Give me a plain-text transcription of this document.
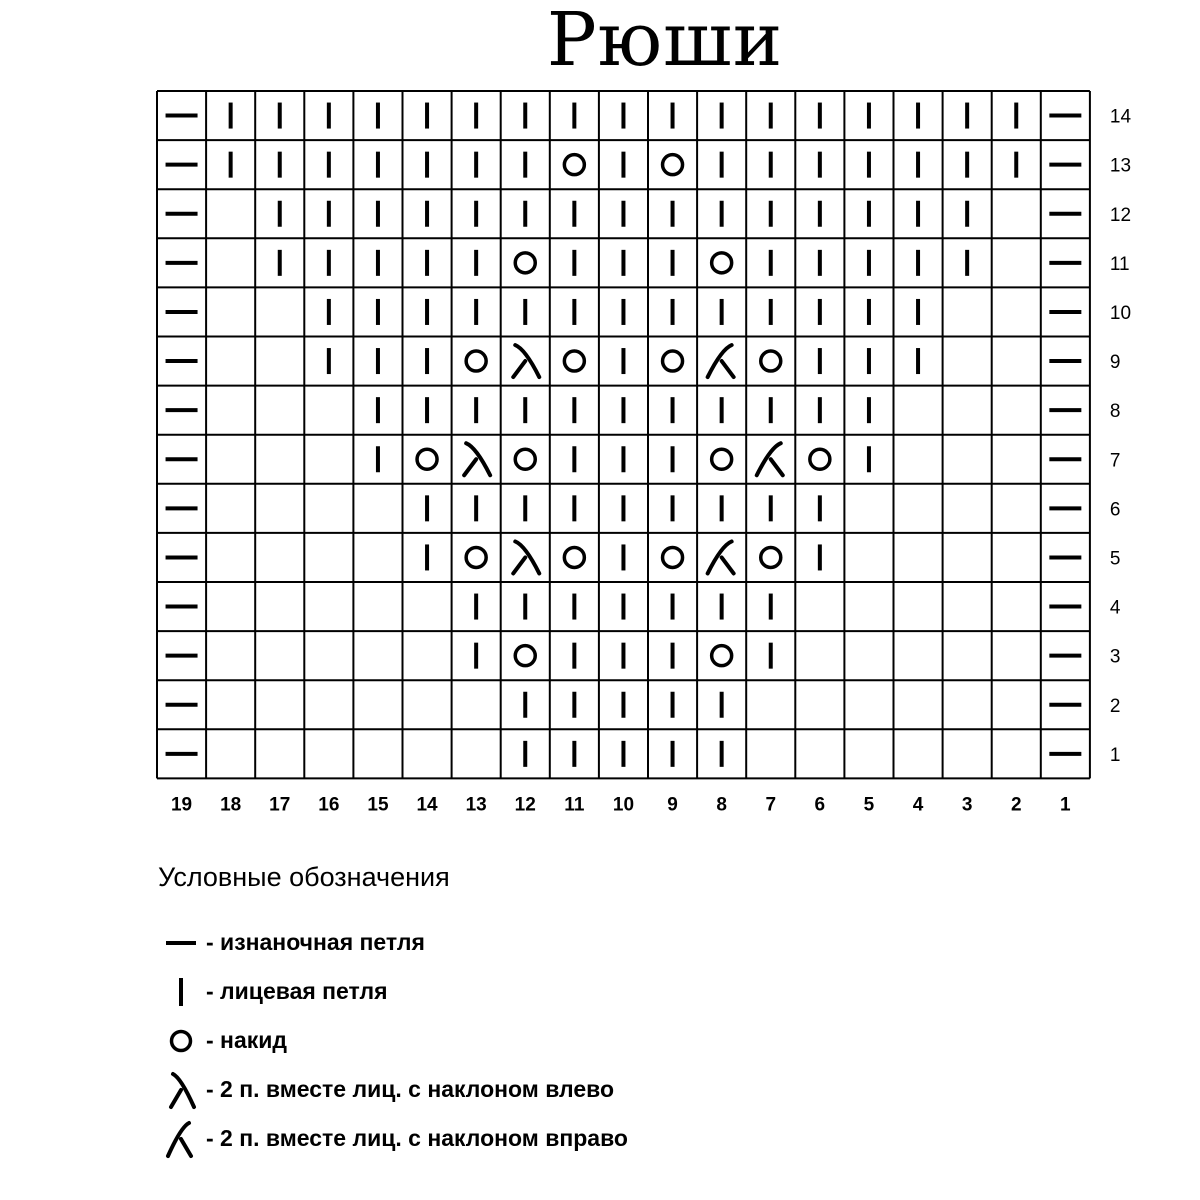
Рюши
14
13
12
11
10
9
8
7
6
5
4
3
2
1
19 18 17 16 15 14 13 12 11 10 9 8 7 6 5 4 3 2 1
Условные обозначения
- изнаночная петля
- лицевая петля
- накид
- 2 п. вместе лиц. с наклоном влево
- 2 п. вместе лиц. с наклоном вправо
